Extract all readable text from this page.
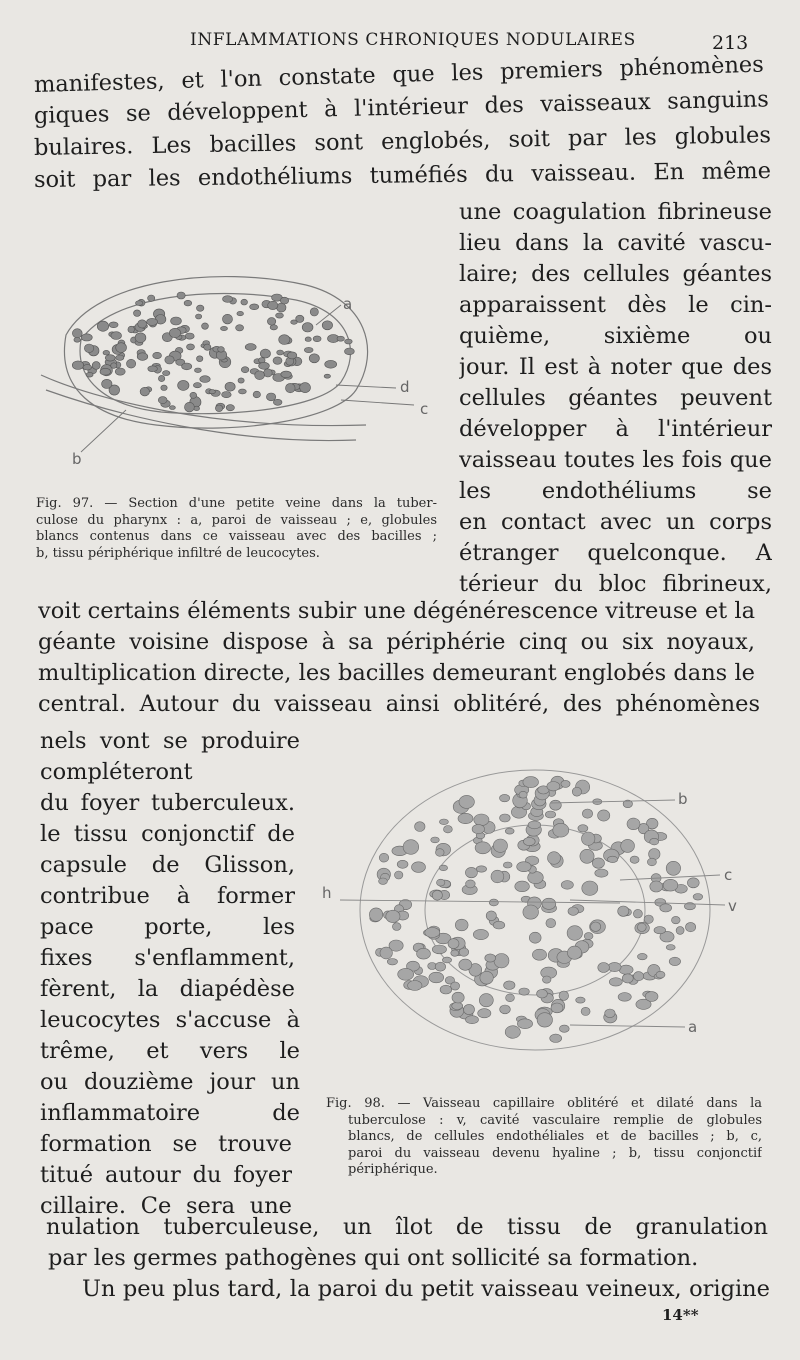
INFLAMMATIONS CHRONIQUES NODULAIRES	213
manifestes, et l'on constate que les premiers phénomènes
giques se développent à l'intérieur des vaisseaux sanguins
bulaires. Les bacilles sont englobés, soit par les globules
soit par les endothéliums tuméfiés du vaisseau. En même
une coagulation fibrineuse
lieu dans la cavité vascu-
laire; des cellules géantes
apparaissent dès le cin-
quième, sixième ou
jour. Il est à noter que des
cellules géantes peuvent
développer à l'intérieur
vaisseau toutes les fois que
les endothéliums se
en contact avec un corps
étranger quelconque. A
térieur du bloc fibrineux,
a
d
c
b
Fig. 97. — Section d'une petite veine dans la tuber-
culose du pharynx : a, paroi de vaisseau ; e, globules
blancs contenus dans ce vaisseau avec des bacilles ;
b, tissu périphérique infiltré de leucocytes.
voit certains éléments subir une dégénérescence vitreuse et la
géante voisine dispose à sa périphérie cinq ou six noyaux,
multiplication directe, les bacilles demeurant englobés dans le
central. Autour du vaisseau ainsi oblitéré, des phénomènes
nels vont se produire
compléteront
du foyer tuberculeux.
le tissu conjonctif de
capsule de Glisson,
contribue à former
pace porte, les
fixes s'enflamment,
fèrent, la diapédèse
leucocytes s'accuse à
trême, et vers le
ou douzième jour un
inflammatoire de
formation se trouve
titué autour du foyer
cillaire. Ce sera une
b
c
v
a
h
Fig. 98. — Vaisseau capillaire oblitéré et dilaté dans la
tuberculose : v, cavité vasculaire remplie de globules
blancs, de cellules endothéliales et de bacilles ; b, c,
paroi du vaisseau devenu hyaline ; b, tissu conjonctif
périphérique.
nulation tuberculeuse, un îlot de tissu de granulation
par les germes pathogènes qui ont sollicité sa formation.
Un peu plus tard, la paroi du petit vaisseau veineux, origine
14**
